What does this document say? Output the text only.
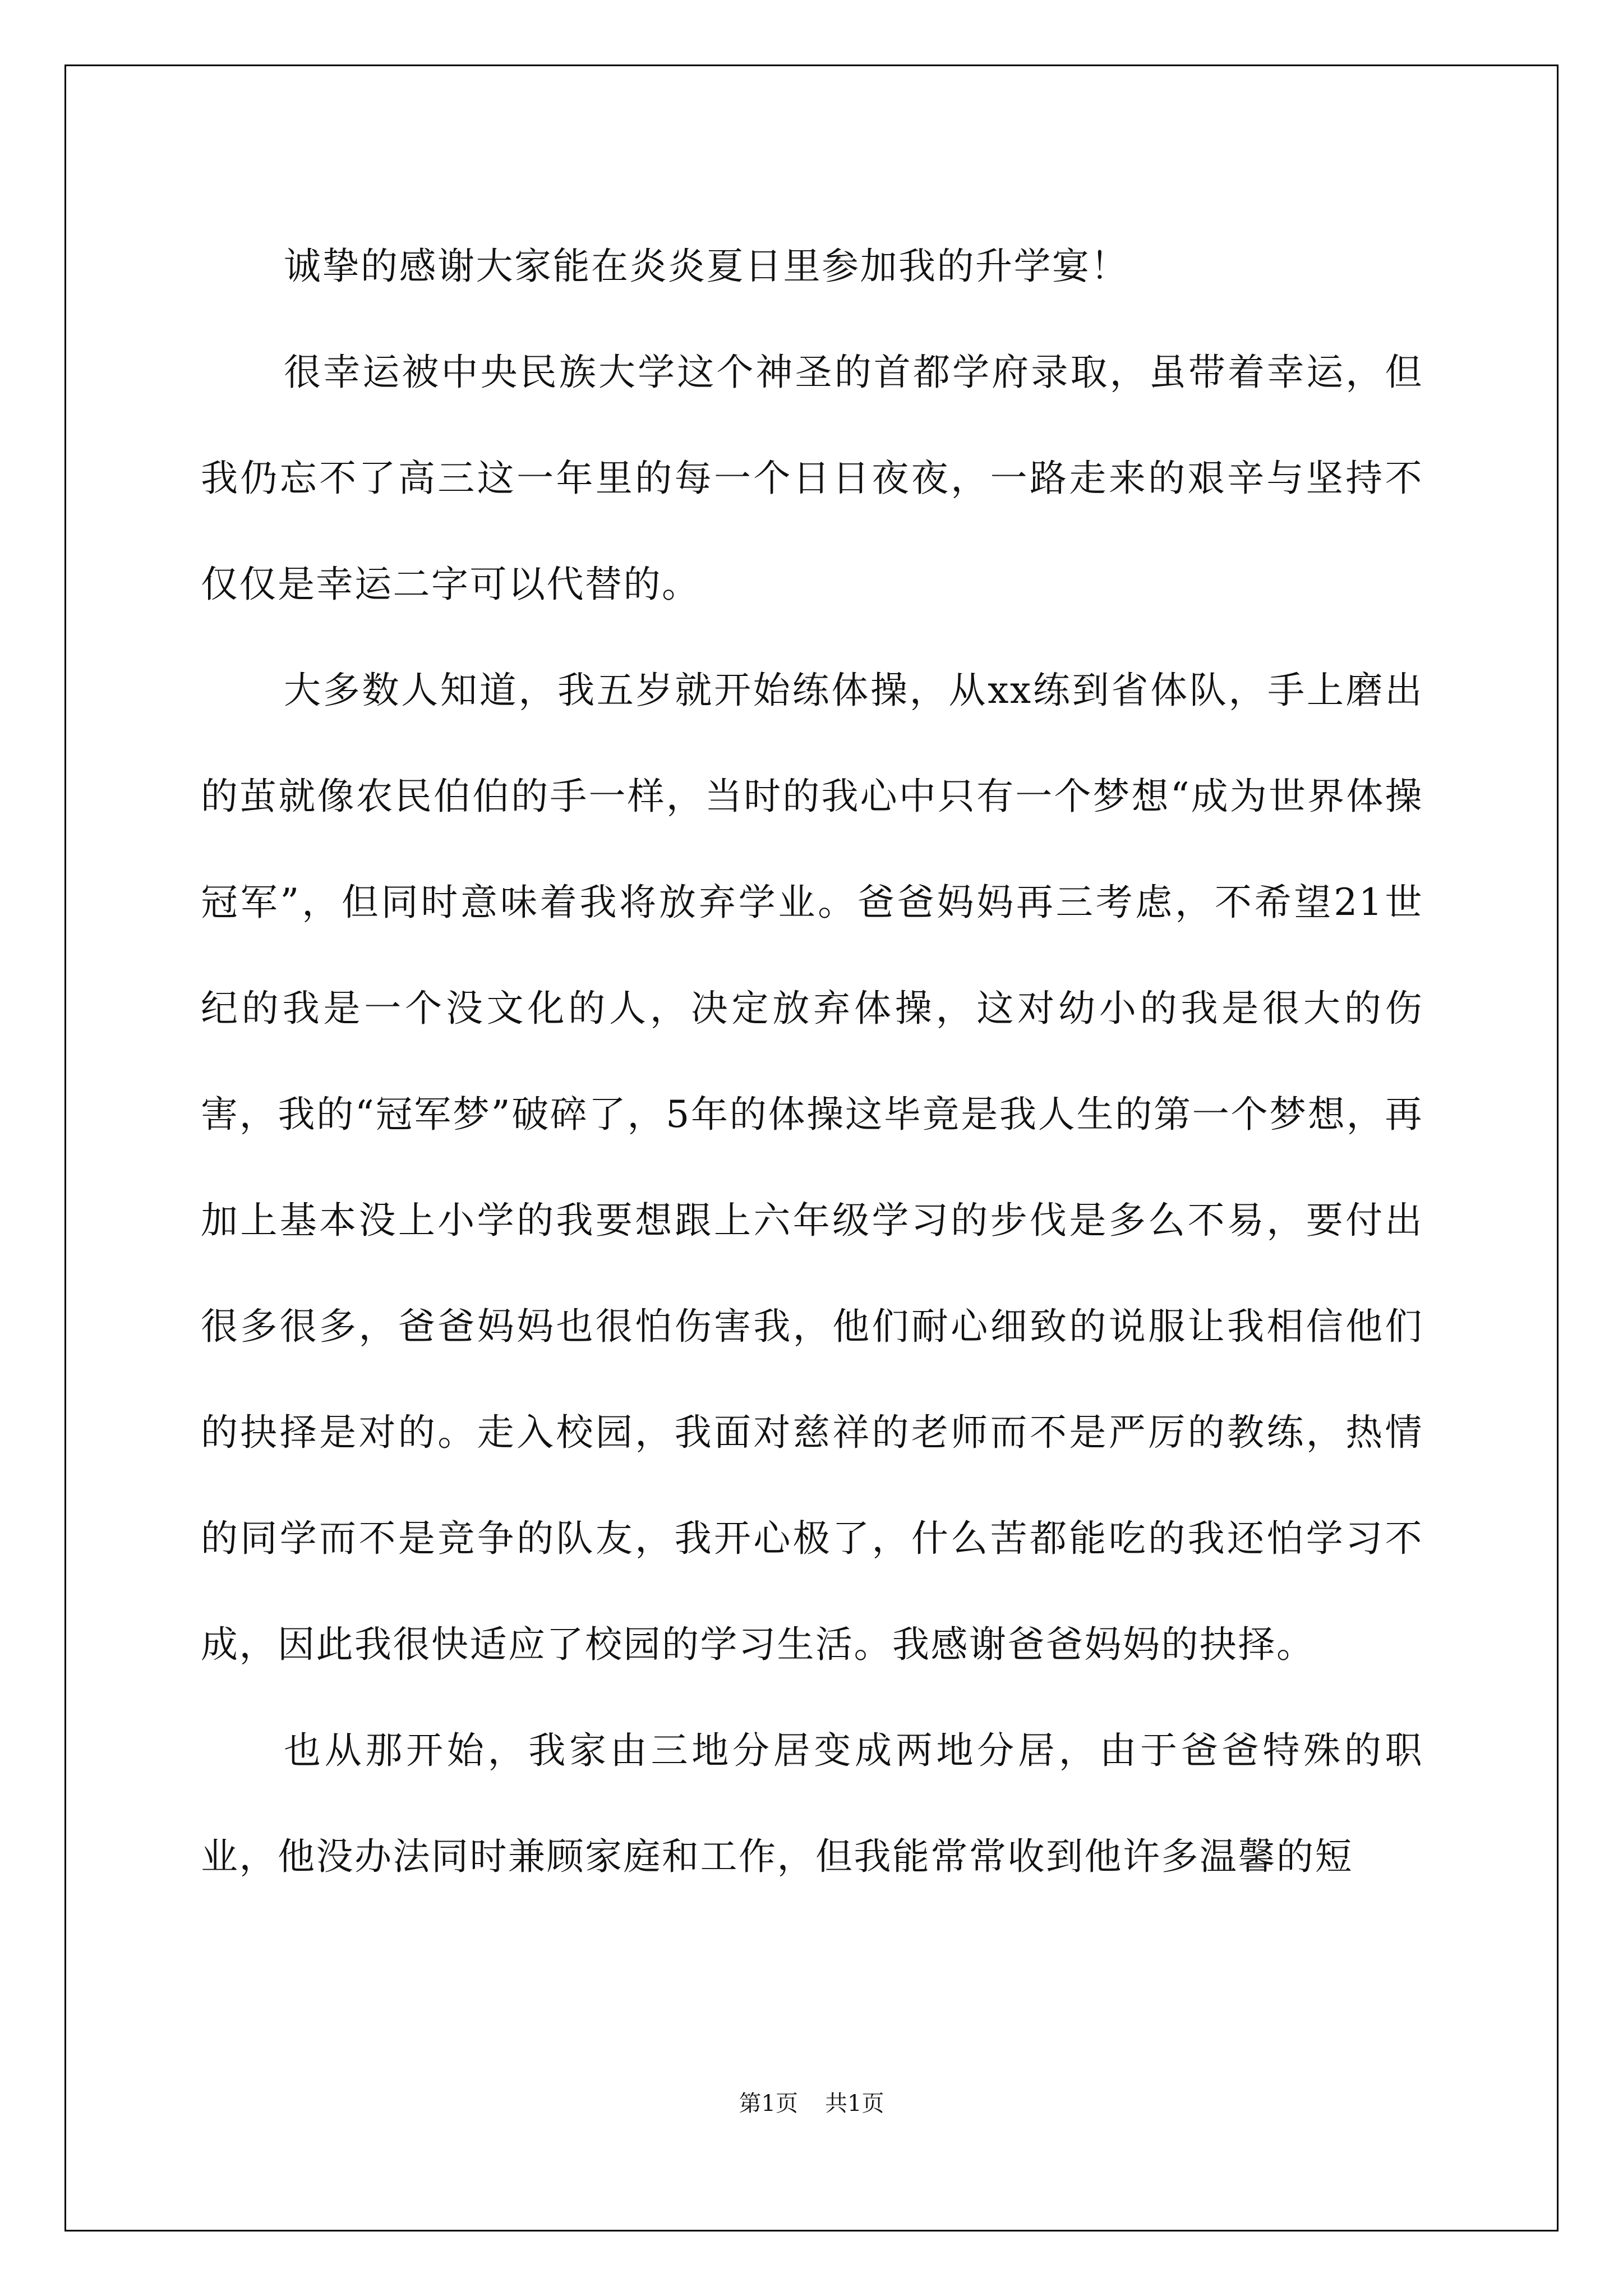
诚挚的感谢大家能在炎炎夏日里参加我的升学宴！

很幸运被中央民族大学这个神圣的首都学府录取，虽带着幸运，但我仍忘不了高三这一年里的每一个日日夜夜，一路走来的艰辛与坚持不仅仅是幸运二字可以代替的。

大多数人知道，我五岁就开始练体操，从xx练到省体队，手上磨出的茧就像农民伯伯的手一样，当时的我心中只有一个梦想“成为世界体操冠军”，但同时意味着我将放弃学业。爸爸妈妈再三考虑，不希望21世纪的我是一个没文化的人，决定放弃体操，这对幼小的我是很大的伤害，我的“冠军梦”破碎了，5年的体操这毕竟是我人生的第一个梦想，再加上基本没上小学的我要想跟上六年级学习的步伐是多么不易，要付出很多很多，爸爸妈妈也很怕伤害我，他们耐心细致的说服让我相信他们的抉择是对的。走入校园，我面对慈祥的老师而不是严厉的教练，热情的同学而不是竞争的队友，我开心极了，什么苦都能吃的我还怕学习不成，因此我很快适应了校园的学习生活。我感谢爸爸妈妈的抉择。

也从那开始，我家由三地分居变成两地分居，由于爸爸特殊的职业，他没办法同时兼顾家庭和工作，但我能常常收到他许多温馨的短

第1页 共1页
